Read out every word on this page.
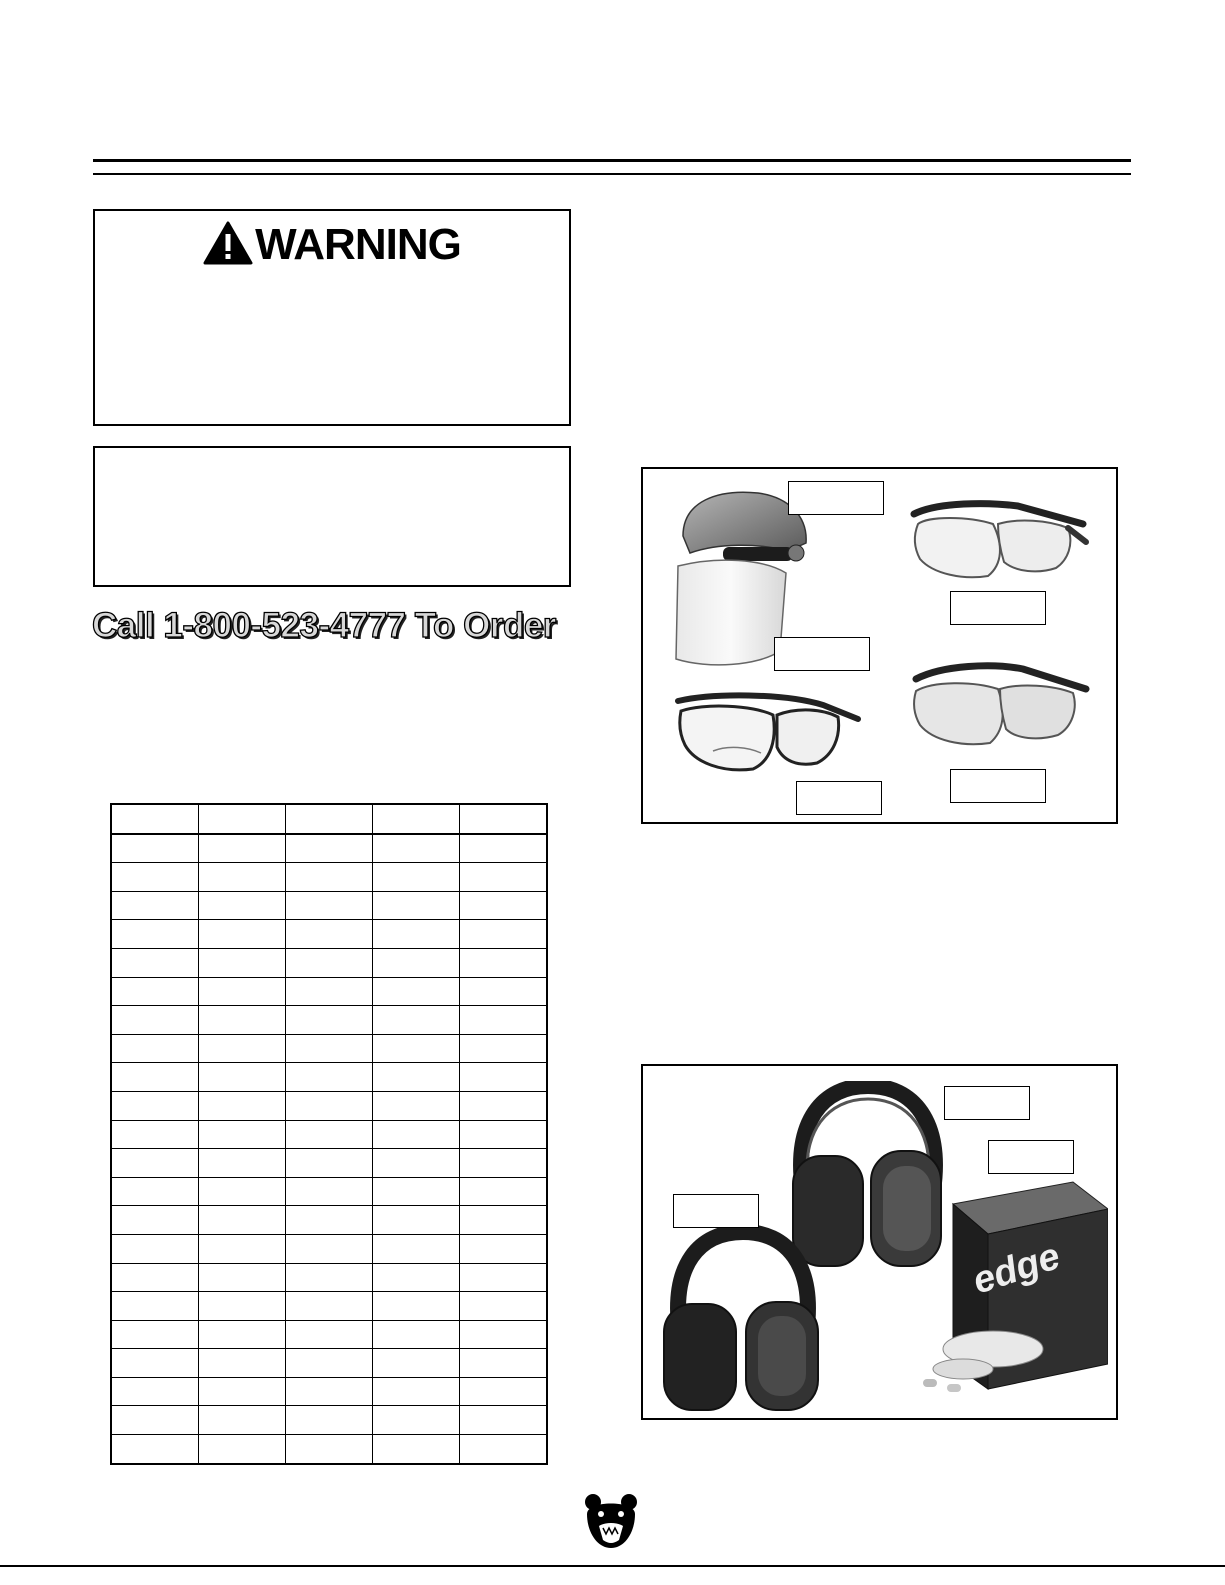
WARNING
Call 1-800-523-4777 To Order

edge
